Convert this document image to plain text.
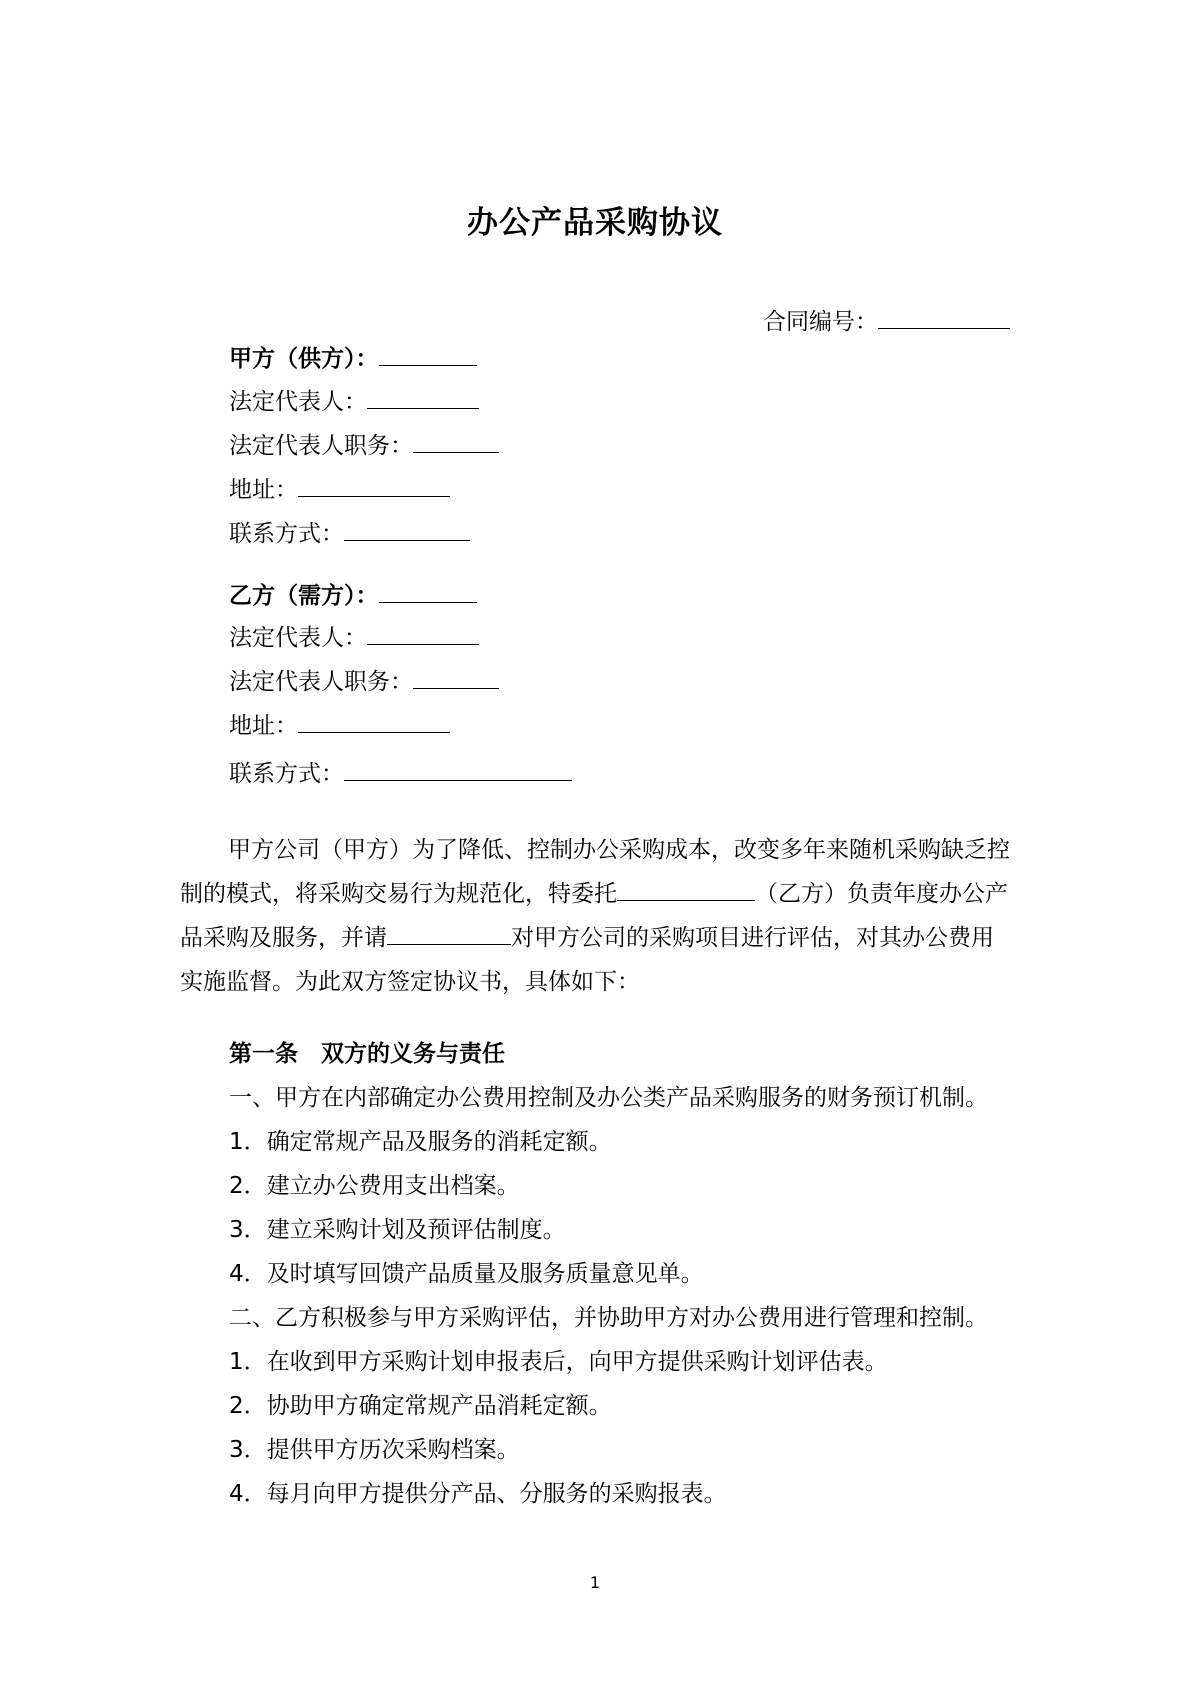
办公产品采购协议
合同编号：
甲方（供方）：
法定代表人：
法定代表人职务：
地址：
联系方式：
乙方（需方）：
法定代表人：
法定代表人职务：
地址：
联系方式：
甲方公司（甲方）为了降低、控制办公采购成本，改变多年来随机采购缺乏控制的模式，将采购交易行为规范化，特委托	（乙方）负责年度办公产品采购及服务，并请	对甲方公司的采购项目进行评估，对其办公费用实施监督。为此双方签定协议书，具体如下：
第一条　双方的义务与责任
一、甲方在内部确定办公费用控制及办公类产品采购服务的财务预订机制。
1．确定常规产品及服务的消耗定额。
2．建立办公费用支出档案。
3．建立采购计划及预评估制度。
4．及时填写回馈产品质量及服务质量意见单。
二、乙方积极参与甲方采购评估，并协助甲方对办公费用进行管理和控制。
1．在收到甲方采购计划申报表后，向甲方提供采购计划评估表。
2．协助甲方确定常规产品消耗定额。
3．提供甲方历次采购档案。
4．每月向甲方提供分产品、分服务的采购报表。
1
